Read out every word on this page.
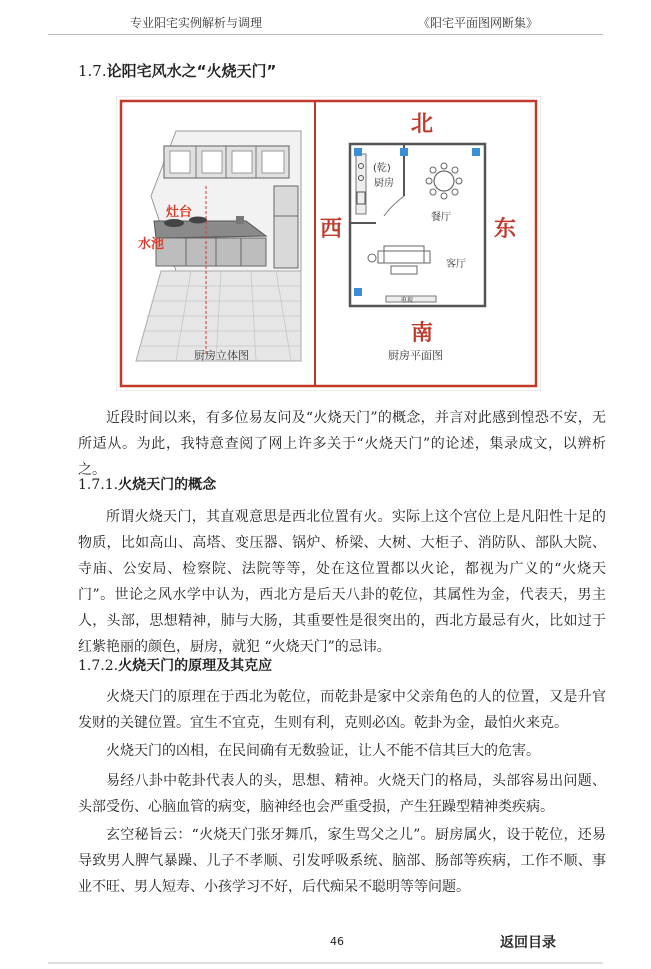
专业阳宅实例解析与调理	《阳宅平面图网断集》
1.7.论阳宅风水之“火烧天门”
灶台
水池
厨房立体图
北
南
西	东
(乾)
厨房
餐厅
客厅
电视
厨房平面图

近段时间以来，有多位易友问及“火烧天门”的概念，并言对此感到惶恐不安，无所适从。为此，我特意查阅了网上许多关于“火烧天门”的论述，集录成文，以辨析之。

1.7.1.火烧天门的概念

所谓火烧天门，其直观意思是西北位置有火。实际上这个宫位上是凡阳性十足的物质，比如高山、高塔、变压器、锅炉、桥梁、大树、大柜子、消防队、部队大院、寺庙、公安局、检察院、法院等等，处在这位置都以火论，都视为广义的“火烧天门”。世论之风水学中认为，西北方是后天八卦的乾位，其属性为金，代表天，男主人，头部，思想精神，肺与大肠，其重要性是很突出的，西北方最忌有火，比如过于红紫艳丽的颜色，厨房，就犯 “火烧天门”的忌讳。

1.7.2.火烧天门的原理及其克应

火烧天门的原理在于西北为乾位，而乾卦是家中父亲角色的人的位置，又是升官发财的关键位置。宜生不宜克，生则有利，克则必凶。乾卦为金，最怕火来克。

火烧天门的凶相，在民间确有无数验证，让人不能不信其巨大的危害。

易经八卦中乾卦代表人的头，思想、精神。火烧天门的格局，头部容易出问题、头部受伤、心脑血管的病变，脑神经也会严重受损，产生狂躁型精神类疾病。

玄空秘旨云：“火烧天门张牙舞爪，家生骂父之儿”。厨房属火，设于乾位，还易导致男人脾气暴躁、儿子不孝顺、引发呼吸系统、脑部、肠部等疾病，工作不顺、事业不旺、男人短寿、小孩学习不好，后代痴呆不聪明等等问题。

46	返回目录
